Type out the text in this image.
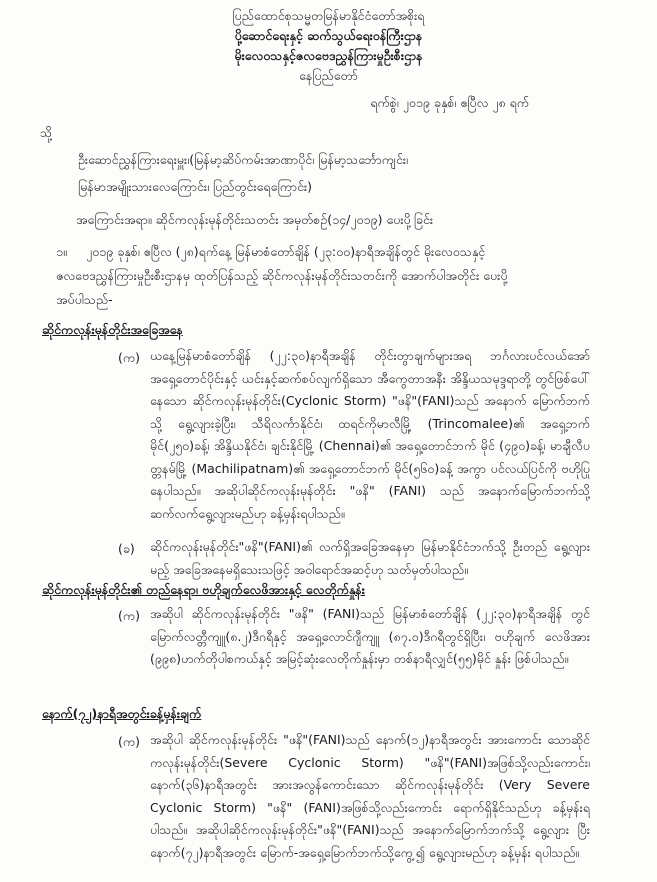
ပြည်ထောင်စုသမ္မတမြန်မာနိုင်ငံတော်အစိုးရ
ပို့ဆောင်ရေးနှင့် ဆက်သွယ်ရေးဝန်ကြီးဌာန
မိုးလေဝသနှင့်ဇလဗေဒညွှန်ကြားမှုဦးစီးဌာန
နေပြည်တော်
ရက်စွဲ၊ ၂၀၁၉ ခုနှစ်၊ ဧပြီလ ၂၈ ရက်
သို့
ဦးဆောင်ညွှန်ကြားရေးမှူး၊(မြန်မာ့ဆိပ်ကမ်းအာဏာပိုင်၊ မြန်မာ့သင်္ဘောကျင်း၊
မြန်မာအမျိုးသားလေကြောင်း၊ ပြည်တွင်းရေကြောင်း)
အကြောင်းအရာ။ ဆိုင်ကလုန်းမုန်တိုင်းသတင်း အမှတ်စဉ်(၁၄/၂၀၁၉) ပေးပို့ခြင်း
၁။ ၂၀၁၉ ခုနှစ်၊ ဧပြီလ (၂၈)ရက်နေ့ မြန်မာစံတော်ချိန် (၂၃:၀၀)နာရီအချိန်တွင် မိုးလေဝသနှင့်
ဇလဗေဒညွှန်ကြားမှုဦးစီးဌာနမှ ထုတ်ပြန်သည့် ဆိုင်ကလုန်းမုန်တိုင်းသတင်းကို အောက်ပါအတိုင်း ပေးပို့
အပ်ပါသည်-
ဆိုင်ကလုန်းမုန်တိုင်းအခြေအနေ
(က) ယနေ့မြန်မာစံတော်ချိန် (၂၂:၃၀)နာရီအချိန် တိုင်းတွာချက်များအရ ဘင်္ဂလားပင်လယ်အော် အရှေ့တောင်ပိုင်းနှင့် ယင်းနှင့်ဆက်စပ်လျက်ရှိသော အီကွေတာအနီး အိန္ဒိယသမုဒ္ဒရာတို့ တွင်ဖြစ်ပေါ်နေသော ဆိုင်ကလုန်းမုန်တိုင်း(Cyclonic Storm) "ဖနိ"(FANI)သည် အနောက် မြောက်ဘက်သို့ ရွေ့လျားခဲ့ပြီး၊ သီရိလင်္ကာနိုင်ငံ၊ ထရင်ကိုမာလီမြို့ (Trincomalee)၏ အရှေ့ဘက် မိုင်(၂၅၀)ခန့်၊ အိန္ဒိယနိုင်ငံ၊ ချင်းနိုင်မြို့ (Chennai)၏ အရှေ့တောင်ဘက် မိုင် (၄၉၀)ခန့်၊ မာချီလီပတ္တနမ်မြို့ (Machilipatnam)၏ အရှေ့တောင်ဘက် မိုင်(၅၆၀)ခန့် အကွာ ပင်လယ်ပြင်ကို ဗဟိုပြုနေပါသည်။ အဆိုပါဆိုင်ကလုန်းမုန်တိုင်း "ဖနိ" (FANI) သည် အနောက်မြောက်ဘက်သို့ ဆက်လက်ရွေ့လျားမည်ဟု ခန့်မှန်းရပါသည်။
(ခ) ဆိုင်ကလုန်းမုန်တိုင်း"ဖနိ"(FANI)၏ လက်ရှိအခြေအနေမှာ မြန်မာနိုင်ငံဘက်သို့ ဦးတည် ရွေ့လျားမည့် အခြေအနေမရှိသေးသဖြင့် အဝါရောင်အဆင့်ဟု သတ်မှတ်ပါသည်။
ဆိုင်ကလုန်းမုန်တိုင်း၏ တည်နေရာ၊ ဗဟိုချက်လေဖိအားနှင့် လေတိုက်နှုန်း
(က) အဆိုပါ ဆိုင်ကလုန်းမုန်တိုင်း "ဖနိ" (FANI)သည် မြန်မာစံတော်ချိန် (၂၂:၃၀)နာရီအချိန် တွင် မြောက်လတ္တီကျူ(၈.၂)ဒီဂရီနှင့် အရှေ့လောင်ဂျီကျူ (၈၇.၀)ဒီဂရီတွင်ရှိပြီး၊ ဗဟိုချက် လေဖိအား (၉၉၈)ဟက်တိုပါစကယ်နှင့် အမြင့်ဆုံးလေတိုက်နှုန်းမှာ တစ်နာရီလျှင်(၅၅)မိုင် နှုန်း ဖြစ်ပါသည်။
နောက်(၇၂)နာရီအတွင်းခန့်မှန်းချက်
(က) အဆိုပါ ဆိုင်ကလုန်းမုန်တိုင်း "ဖနိ"(FANI)သည် နောက်(၁၂)နာရီအတွင်း အားကောင်း သောဆိုင်ကလုန်းမုန်တိုင်း(Severe Cyclonic Storm) "ဖနိ"(FANI)အဖြစ်သို့လည်းကောင်း၊ နောက်(၃၆)နာရီအတွင်း အားအလွန်ကောင်းသော ဆိုင်ကလုန်းမုန်တိုင်း (Very Severe Cyclonic Storm) "ဖနိ" (FANI)အဖြစ်သို့လည်းကောင်း ရောက်ရှိနိုင်သည်ဟု ခန့်မှန်းရ ပါသည်။ အဆိုပါဆိုင်ကလုန်းမုန်တိုင်း"ဖနိ"(FANI)သည် အနောက်မြောက်ဘက်သို့ ရွေ့လျား ပြီး နောက်(၇၂)နာရီအတွင်း မြောက်-အရှေ့မြောက်ဘက်သို့ကွေ့၍ ရွေ့လျားမည်ဟု ခန့်မှန်း ရပါသည်။
